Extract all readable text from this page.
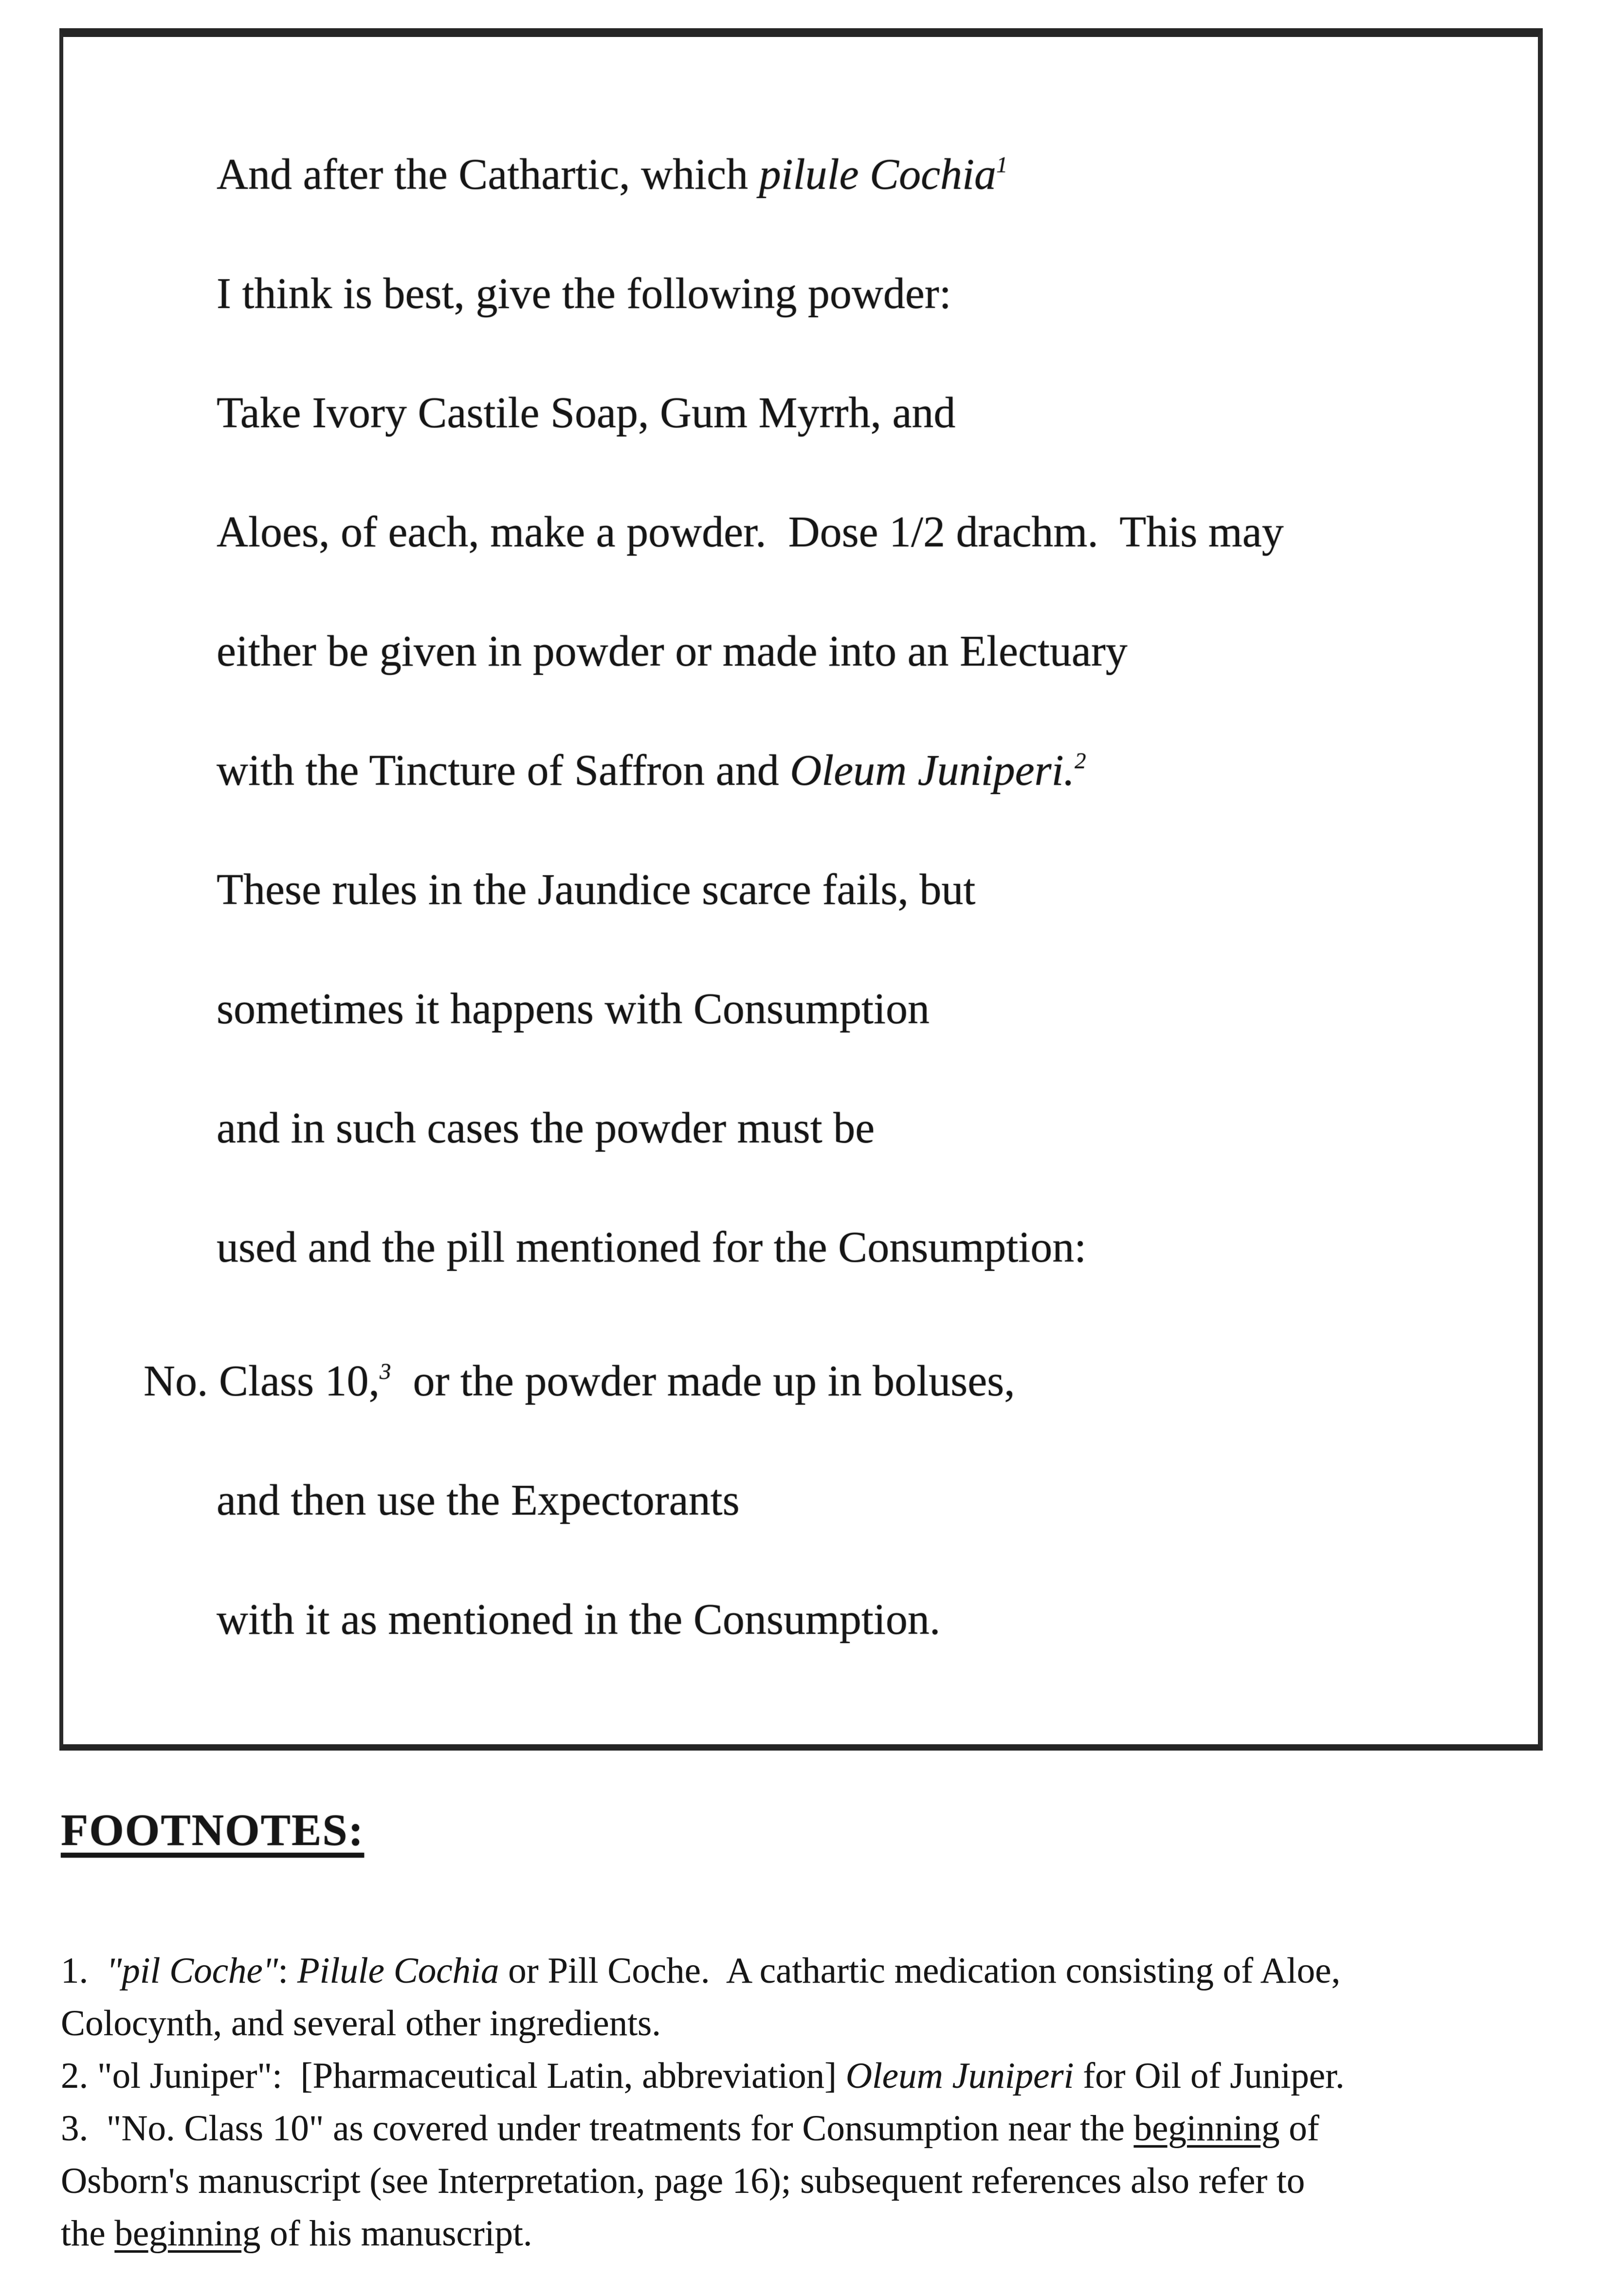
And after the Cathartic, which pilule Cochia$^1$
I think is best, give the following powder:
Take Ivory Castile Soap, Gum Myrrh, and
Aloes, of each, make a powder.  Dose 1/2 drachm.  This may
either be given in powder or made into an Electuary
with the Tincture of Saffron and Oleum Juniperi.$^2$
These rules in the Jaundice scarce fails, but
sometimes it happens with Consumption
and in such cases the powder must be
used and the pill mentioned for the Consumption:
No. Class 10,$^3$  or the powder made up in boluses,
and then use the Expectorants
with it as mentioned in the Consumption.
FOOTNOTES:
1.  "pil Coche": Pilule Cochia or Pill Coche.  A cathartic medication consisting of Aloe,
Colocynth, and several other ingredients.
2. "ol Juniper":  [Pharmaceutical Latin, abbreviation] Oleum Juniperi for Oil of Juniper.
3.  "No. Class 10" as covered under treatments for Consumption near the beginning of
Osborn's manuscript (see Interpretation, page 16); subsequent references also refer to
the beginning of his manuscript.
